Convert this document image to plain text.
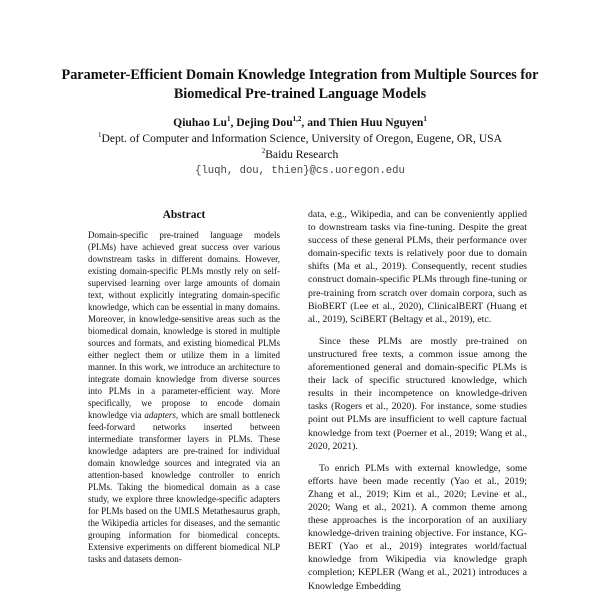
Parameter-Efficient Domain Knowledge Integration from Multiple Sources for Biomedical Pre-trained Language Models
Qiuhao Lu$^1$, Dejing Dou$^{1,2}$, and Thien Huu Nguyen$^1$
$^1$Dept. of Computer and Information Science, University of Oregon, Eugene, OR, USA
$^2$Baidu Research
{luqh, dou, thien}@cs.uoregon.edu
Abstract

Domain-specific pre-trained language models (PLMs) have achieved great success over various downstream tasks in different domains. However, existing domain-specific PLMs mostly rely on self-supervised learning over large amounts of domain text, without explicitly integrating domain-specific knowledge, which can be essential in many domains. Moreover, in knowledge-sensitive areas such as the biomedical domain, knowledge is stored in multiple sources and formats, and existing biomedical PLMs either neglect them or utilize them in a limited manner. In this work, we introduce an architecture to integrate domain knowledge from diverse sources into PLMs in a parameter-efficient way. More specifically, we propose to encode domain knowledge via adapters, which are small bottleneck feed-forward networks inserted between intermediate transformer layers in PLMs. These knowledge adapters are pre-trained for individual domain knowledge sources and integrated via an attention-based knowledge controller to enrich PLMs. Taking the biomedical domain as a case study, we explore three knowledge-specific adapters for PLMs based on the UMLS Metathesaurus graph, the Wikipedia articles for diseases, and the semantic grouping information for biomedical concepts. Extensive experiments on different biomedical NLP tasks and datasets demon-

data, e.g., Wikipedia, and can be conveniently applied to downstream tasks via fine-tuning. Despite the great success of these general PLMs, their performance over domain-specific texts is relatively poor due to domain shifts (Ma et al., 2019). Consequently, recent studies construct domain-specific PLMs through fine-tuning or pre-training from scratch over domain corpora, such as BioBERT (Lee et al., 2020), ClinicalBERT (Huang et al., 2019), SciBERT (Beltagy et al., 2019), etc.

Since these PLMs are mostly pre-trained on unstructured free texts, a common issue among the aforementioned general and domain-specific PLMs is their lack of specific structured knowledge, which results in their incompetence on knowledge-driven tasks (Rogers et al., 2020). For instance, some studies point out PLMs are insufficient to well capture factual knowledge from text (Poerner et al., 2019; Wang et al., 2020, 2021).

To enrich PLMs with external knowledge, some efforts have been made recently (Yao et al., 2019; Zhang et al., 2019; Kim et al., 2020; Levine et al., 2020; Wang et al., 2021). A common theme among these approaches is the incorporation of an auxiliary knowledge-driven training objective. For instance, KG-BERT (Yao et al., 2019) integrates world/factual knowledge from Wikipedia via knowledge graph completion; KEPLER (Wang et al., 2021) introduces a Knowledge Embedding
